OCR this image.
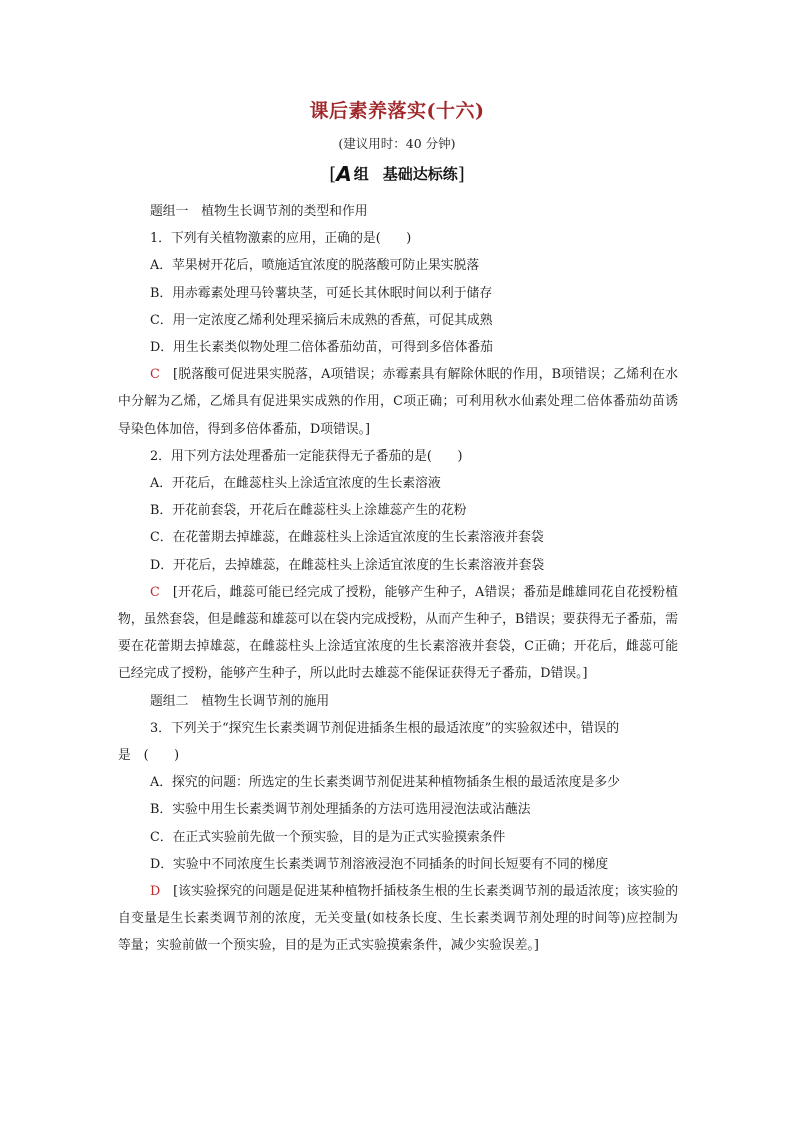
课后素养落实(十六)
(建议用时：40 分钟)
[A 组 基础达标练]
题组一　植物生长调节剂的类型和作用
1．下列有关植物激素的应用，正确的是(　　)
A．苹果树开花后，喷施适宜浓度的脱落酸可防止果实脱落
B．用赤霉素处理马铃薯块茎，可延长其休眠时间以利于储存
C．用一定浓度乙烯利处理采摘后未成熟的香蕉，可促其成熟
D．用生长素类似物处理二倍体番茄幼苗，可得到多倍体番茄
C　 [脱落酸可促进果实脱落，A项错误；赤霉素具有解除休眠的作用，B项错误；乙烯利在水中分解为乙烯，乙烯具有促进果实成熟的作用，C项正确；可利用秋水仙素处理二倍体番茄幼苗诱导染色体加倍，得到多倍体番茄，D项错误。]
2．用下列方法处理番茄一定能获得无子番茄的是(　　)
A．开花后，在雌蕊柱头上涂适宜浓度的生长素溶液
B．开花前套袋，开花后在雌蕊柱头上涂雄蕊产生的花粉
C．在花蕾期去掉雄蕊，在雌蕊柱头上涂适宜浓度的生长素溶液并套袋
D．开花后，去掉雄蕊，在雌蕊柱头上涂适宜浓度的生长素溶液并套袋
C　 [开花后，雌蕊可能已经完成了授粉，能够产生种子，A错误；番茄是雌雄同花自花授粉植物，虽然套袋，但是雌蕊和雄蕊可以在袋内完成授粉，从而产生种子，B错误；要获得无子番茄，需要在花蕾期去掉雄蕊，在雌蕊柱头上涂适宜浓度的生长素溶液并套袋，C正确；开花后，雌蕊可能已经完成了授粉，能够产生种子，所以此时去雄蕊不能保证获得无子番茄，D错误。]
题组二　植物生长调节剂的施用
3．下列关于“探究生长素类调节剂促进插条生根的最适浓度”的实验叙述中，错误的
是　(　　)
A．探究的问题：所选定的生长素类调节剂促进某种植物插条生根的最适浓度是多少
B．实验中用生长素类调节剂处理插条的方法可选用浸泡法或沾蘸法
C．在正式实验前先做一个预实验，目的是为正式实验摸索条件
D．实验中不同浓度生长素类调节剂溶液浸泡不同插条的时间长短要有不同的梯度
D　 [该实验探究的问题是促进某种植物扦插枝条生根的生长素类调节剂的最适浓度；该实验的自变量是生长素类调节剂的浓度，无关变量(如枝条长度、生长素类调节剂处理的时间等)应控制为等量；实验前做一个预实验，目的是为正式实验摸索条件，减少实验误差。]
